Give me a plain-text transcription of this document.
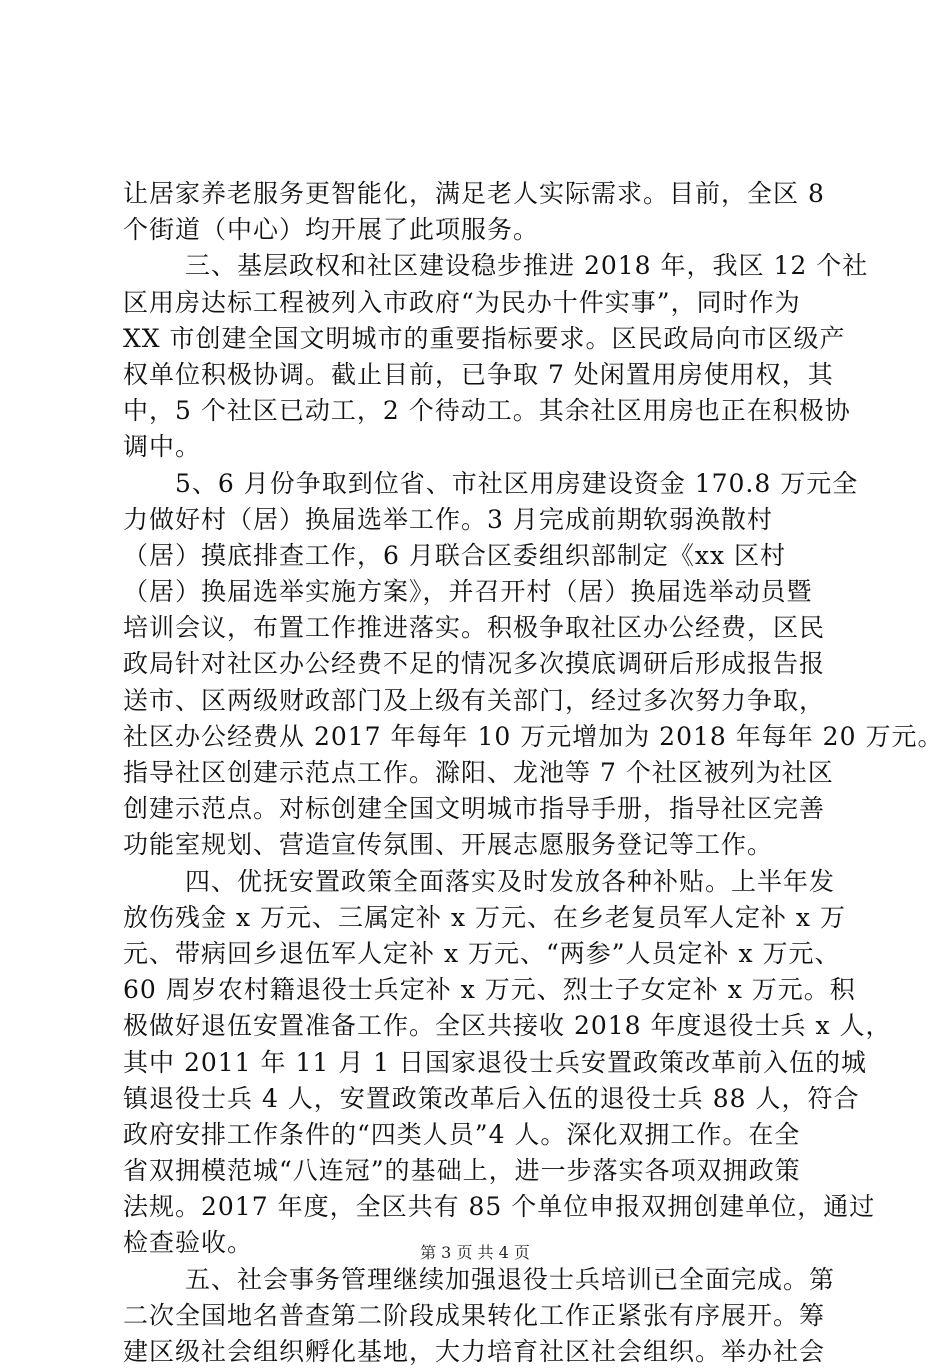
让居家养老服务更智能化，满足老人实际需求。目前，全区 8
个街道（中心）均开展了此项服务。
三、基层政权和社区建设稳步推进 2018 年，我区 12 个社
区用房达标工程被列入市政府“为民办十件实事”，同时作为
XX 市创建全国文明城市的重要指标要求。区民政局向市区级产
权单位积极协调。截止目前，已争取 7 处闲置用房使用权，其
中，5 个社区已动工，2 个待动工。其余社区用房也正在积极协
调中。
5、6 月份争取到位省、市社区用房建设资金 170.8 万元全
力做好村（居）换届选举工作。3 月完成前期软弱涣散村
（居）摸底排查工作，6 月联合区委组织部制定《xx 区村
（居）换届选举实施方案》，并召开村（居）换届选举动员暨
培训会议，布置工作推进落实。积极争取社区办公经费，区民
政局针对社区办公经费不足的情况多次摸底调研后形成报告报
送市、区两级财政部门及上级有关部门，经过多次努力争取，
社区办公经费从 2017 年每年 10 万元增加为 2018 年每年 20 万元。
指导社区创建示范点工作。滁阳、龙池等 7 个社区被列为社区
创建示范点。对标创建全国文明城市指导手册，指导社区完善
功能室规划、营造宣传氛围、开展志愿服务登记等工作。
四、优抚安置政策全面落实及时发放各种补贴。上半年发
放伤残金 x 万元、三属定补 x 万元、在乡老复员军人定补 x 万
元、带病回乡退伍军人定补 x 万元、“两参”人员定补 x 万元、
60 周岁农村籍退役士兵定补 x 万元、烈士子女定补 x 万元。积
极做好退伍安置准备工作。全区共接收 2018 年度退役士兵 x 人，
其中 2011 年 11 月 1 日国家退役士兵安置政策改革前入伍的城
镇退役士兵 4 人，安置政策改革后入伍的退役士兵 88 人，符合
政府安排工作条件的“四类人员”4 人。深化双拥工作。在全
省双拥模范城“八连冠”的基础上，进一步落实各项双拥政策
法规。2017 年度，全区共有 85 个单位申报双拥创建单位，通过
检查验收。
五、社会事务管理继续加强退役士兵培训已全面完成。第
二次全国地名普查第二阶段成果转化工作正紧张有序展开。筹
建区级社会组织孵化基地，大力培育社区社会组织。举办社会
第 3 页 共 4 页
